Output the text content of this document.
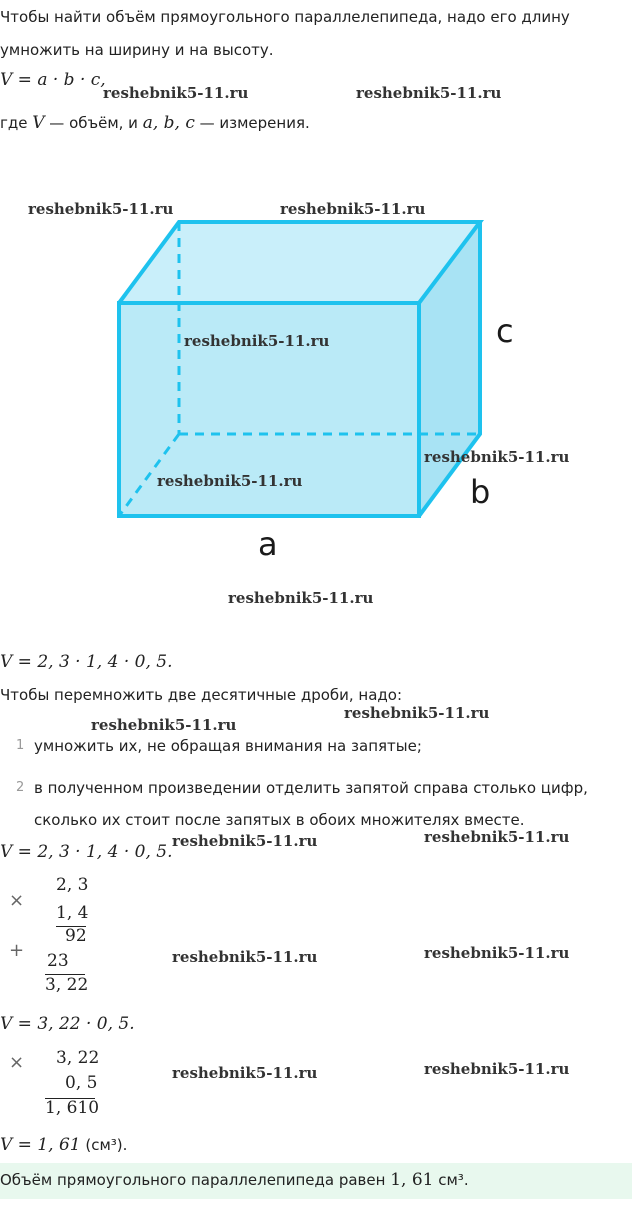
Чтобы найти объём прямоугольного параллелепипеда, надо его длину
умножить на ширину и на высоту.
V = a · b · c,
где V — объём, и a, b, c — измерения.
c
b
a
reshebnik5-11.ru	reshebnik5-11.ru
reshebnik5-11.ru	reshebnik5-11.ru
reshebnik5-11.ru
reshebnik5-11.ru
reshebnik5-11.ru
reshebnik5-11.ru
reshebnik5-11.ru
reshebnik5-11.ru
reshebnik5-11.ru	reshebnik5-11.ru
reshebnik5-11.ru	reshebnik5-11.ru
reshebnik5-11.ru	reshebnik5-11.ru
V = 2, 3 · 1, 4 · 0, 5.
Чтобы перемножить две десятичные дроби, надо:
1 умножить их, не обращая внимания на запятые;
2 в полученном произведении отделить запятой справа столько цифр,
сколько их стоит после запятых в обоих множителях вместе.
V = 2, 3 · 1, 4 · 0, 5.
×
2, 3
1, 4
92
+ 23
3, 22
V = 3, 22 · 0, 5.
× 3, 22
0, 5
1, 610
V = 1, 61 (см³).
Объём прямоугольного параллелепипеда равен 1, 61 см³.
